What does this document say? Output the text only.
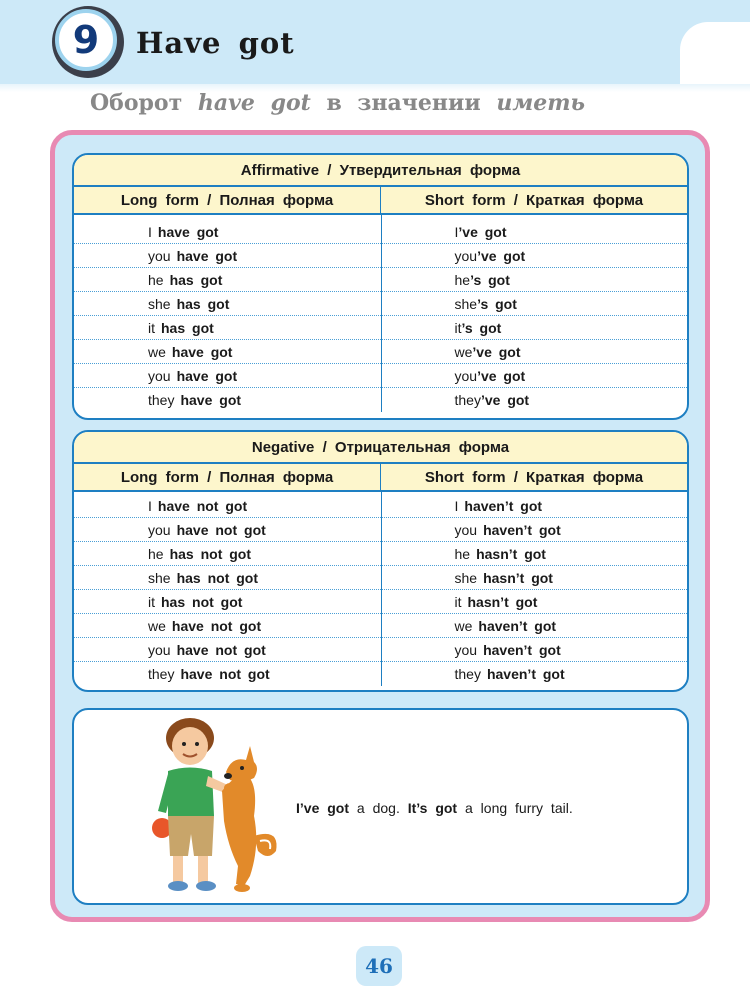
9	Have got
Оборот have got в значении иметь
Affirmative / Утвердительная форма
Long form / Полная форма	Short form / Краткая форма
I have got	I ’ve got
you have got	you ’ve got
he has got	he ’s got
she has got	she ’s got
it has got	it ’s got
we have got	we ’ve got
you have got	you ’ve got
they have got	they ’ve got
Negative / Отрицательная форма
Long form / Полная форма	Short form / Краткая форма
I have not got	I haven’t got
you have not got	you haven’t got
he has not got	he hasn’t got
she has not got	she hasn’t got
it has not got	it hasn’t got
we have not got	we haven’t got
you have not got	you haven’t got
they have not got	they haven’t got
I’ve got a dog. It’s got a long furry tail.
46
